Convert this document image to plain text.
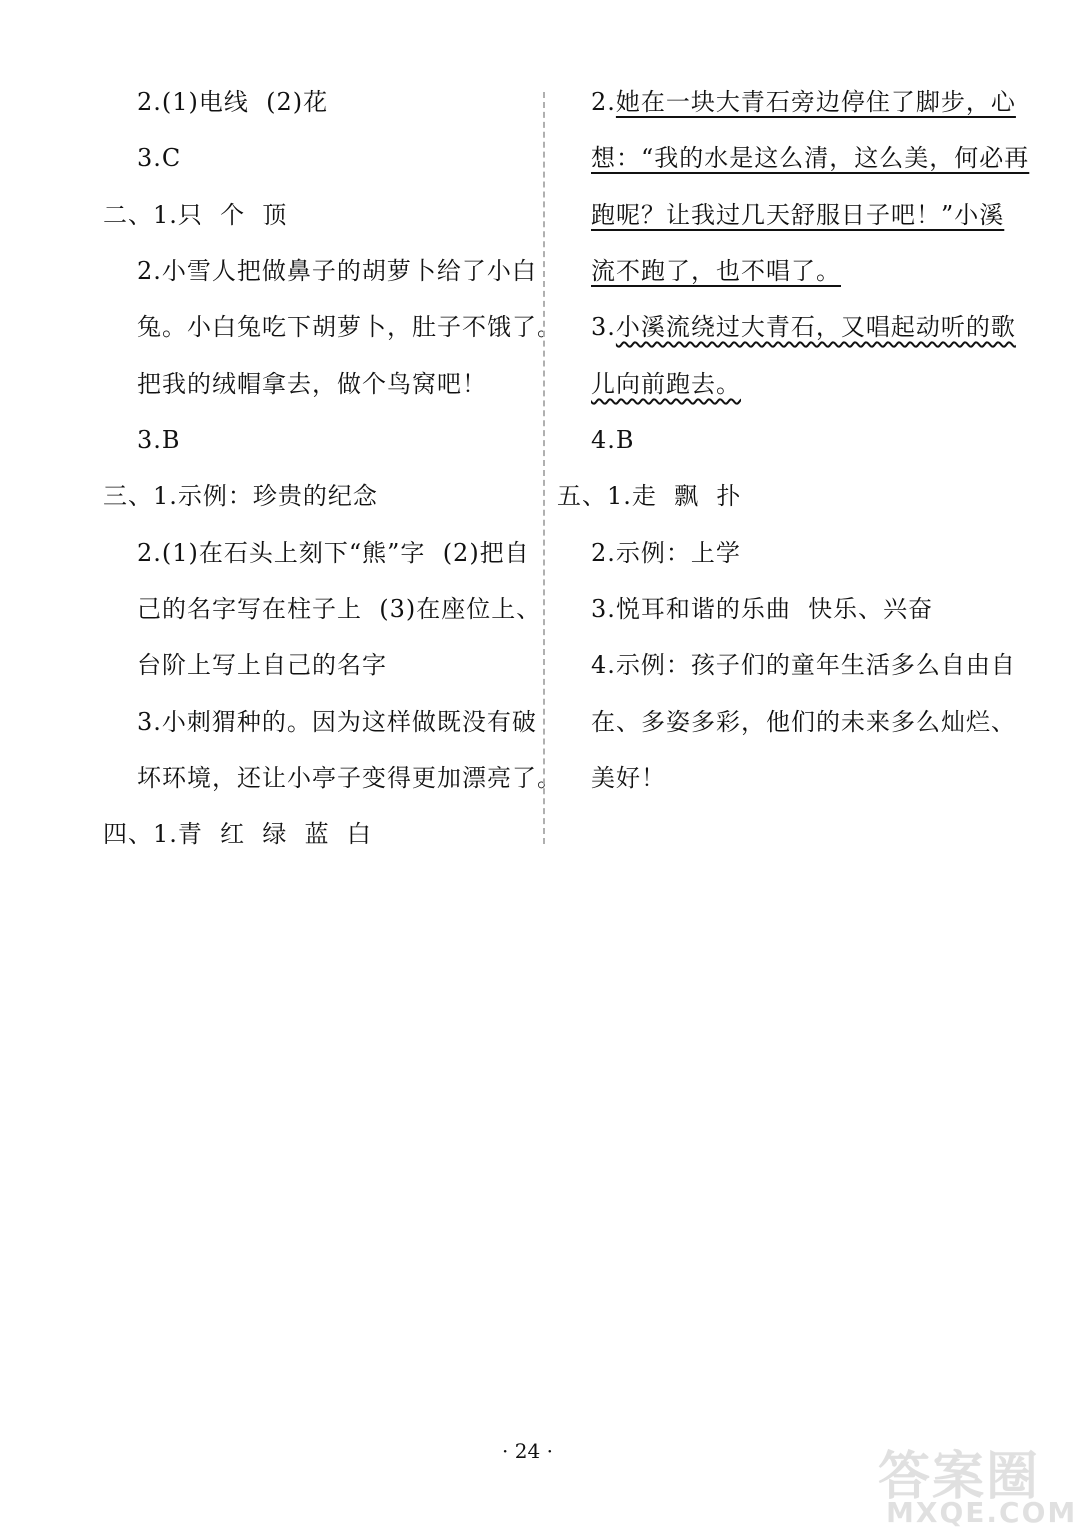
2.(1)电线  (2)花
3.C
二、1.只  个  顶
2.小雪人把做鼻子的胡萝卜给了小白
兔。小白兔吃下胡萝卜，肚子不饿了。
把我的绒帽拿去，做个鸟窝吧！
3.B
三、1.示例：珍贵的纪念
2.(1)在石头上刻下“熊”字  (2)把自
己的名字写在柱子上  (3)在座位上、
台阶上写上自己的名字
3.小刺猬种的。因为这样做既没有破
坏环境，还让小亭子变得更加漂亮了。
四、1.青  红  绿  蓝  白
2.她在一块大青石旁边停住了脚步，心
想：“我的水是这么清，这么美，何必再
跑呢？让我过几天舒服日子吧！”小溪
流不跑了，也不唱了。
3.小溪流绕过大青石，又唱起动听的歌
儿向前跑去。
4.B
五、1.走  飘  扑
2.示例：上学
3.悦耳和谐的乐曲  快乐、兴奋
4.示例：孩子们的童年生活多么自由自
在、多姿多彩，他们的未来多么灿烂、
美好！
· 24 ·	答案圈
MXQE.COM
